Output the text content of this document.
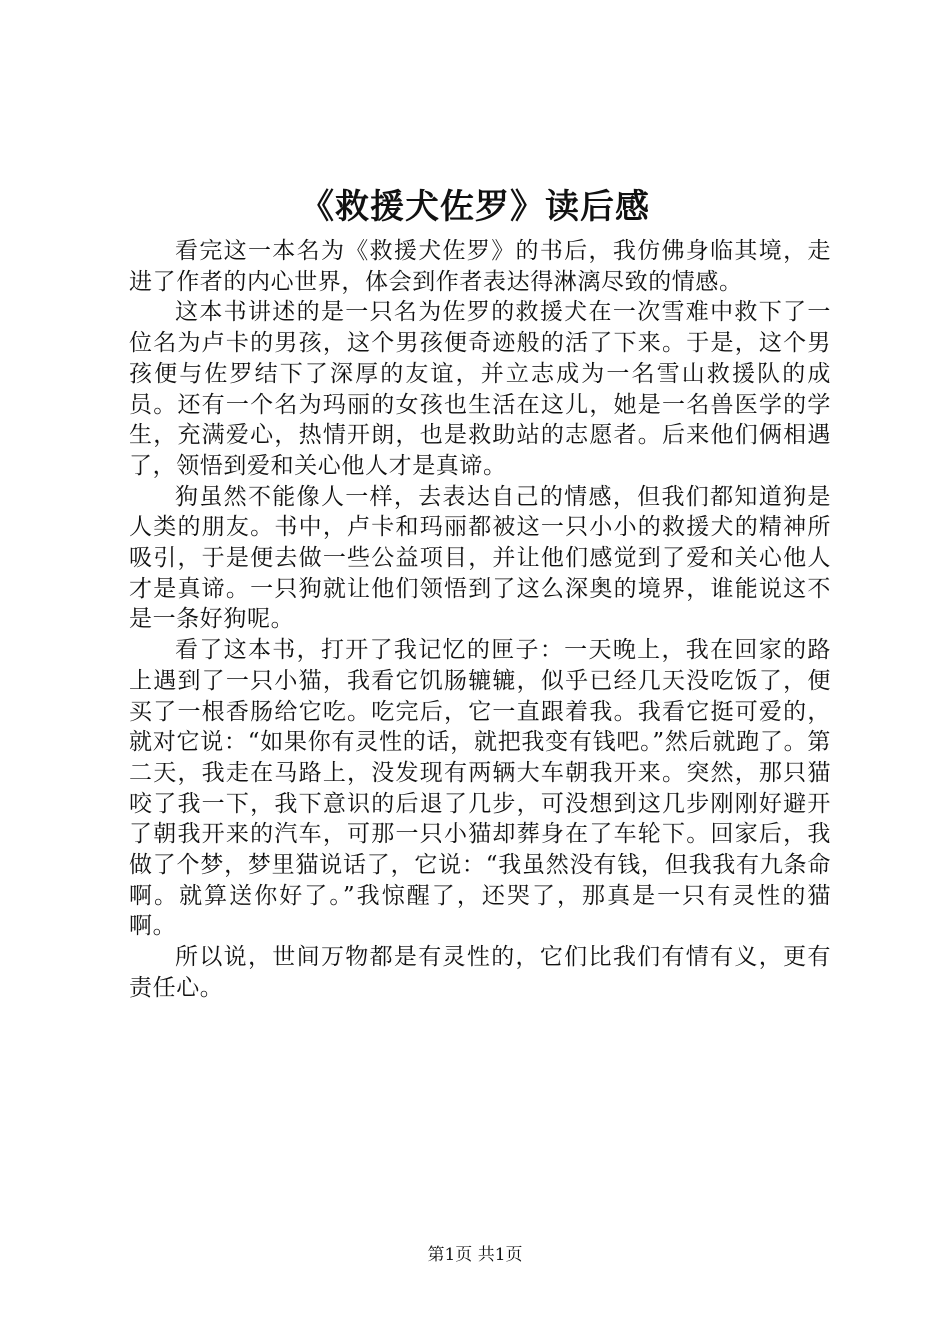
《救援犬佐罗》读后感

看完这一本名为《救援犬佐罗》的书后，我仿佛身临其境，走进了作者的内心世界，体会到作者表达得淋漓尽致的情感。

这本书讲述的是一只名为佐罗的救援犬在一次雪难中救下了一位名为卢卡的男孩，这个男孩便奇迹般的活了下来。于是，这个男孩便与佐罗结下了深厚的友谊，并立志成为一名雪山救援队的成员。还有一个名为玛丽的女孩也生活在这儿，她是一名兽医学的学生，充满爱心，热情开朗，也是救助站的志愿者。后来他们俩相遇了，领悟到爱和关心他人才是真谛。

狗虽然不能像人一样，去表达自己的情感，但我们都知道狗是人类的朋友。书中，卢卡和玛丽都被这一只小小的救援犬的精神所吸引，于是便去做一些公益项目，并让他们感觉到了爱和关心他人才是真谛。一只狗就让他们领悟到了这么深奥的境界，谁能说这不是一条好狗呢。

看了这本书，打开了我记忆的匣子：一天晚上，我在回家的路上遇到了一只小猫，我看它饥肠辘辘，似乎已经几天没吃饭了，便买了一根香肠给它吃。吃完后，它一直跟着我。我看它挺可爱的，就对它说：“如果你有灵性的话，就把我变有钱吧。”然后就跑了。第二天，我走在马路上，没发现有两辆大车朝我开来。突然，那只猫咬了我一下，我下意识的后退了几步，可没想到这几步刚刚好避开了朝我开来的汽车，可那一只小猫却葬身在了车轮下。回家后，我做了个梦，梦里猫说话了，它说：“我虽然没有钱，但我我有九条命啊。就算送你好了。”我惊醒了，还哭了，那真是一只有灵性的猫啊。

所以说，世间万物都是有灵性的，它们比我们有情有义，更有责任心。

第1页 共1页
